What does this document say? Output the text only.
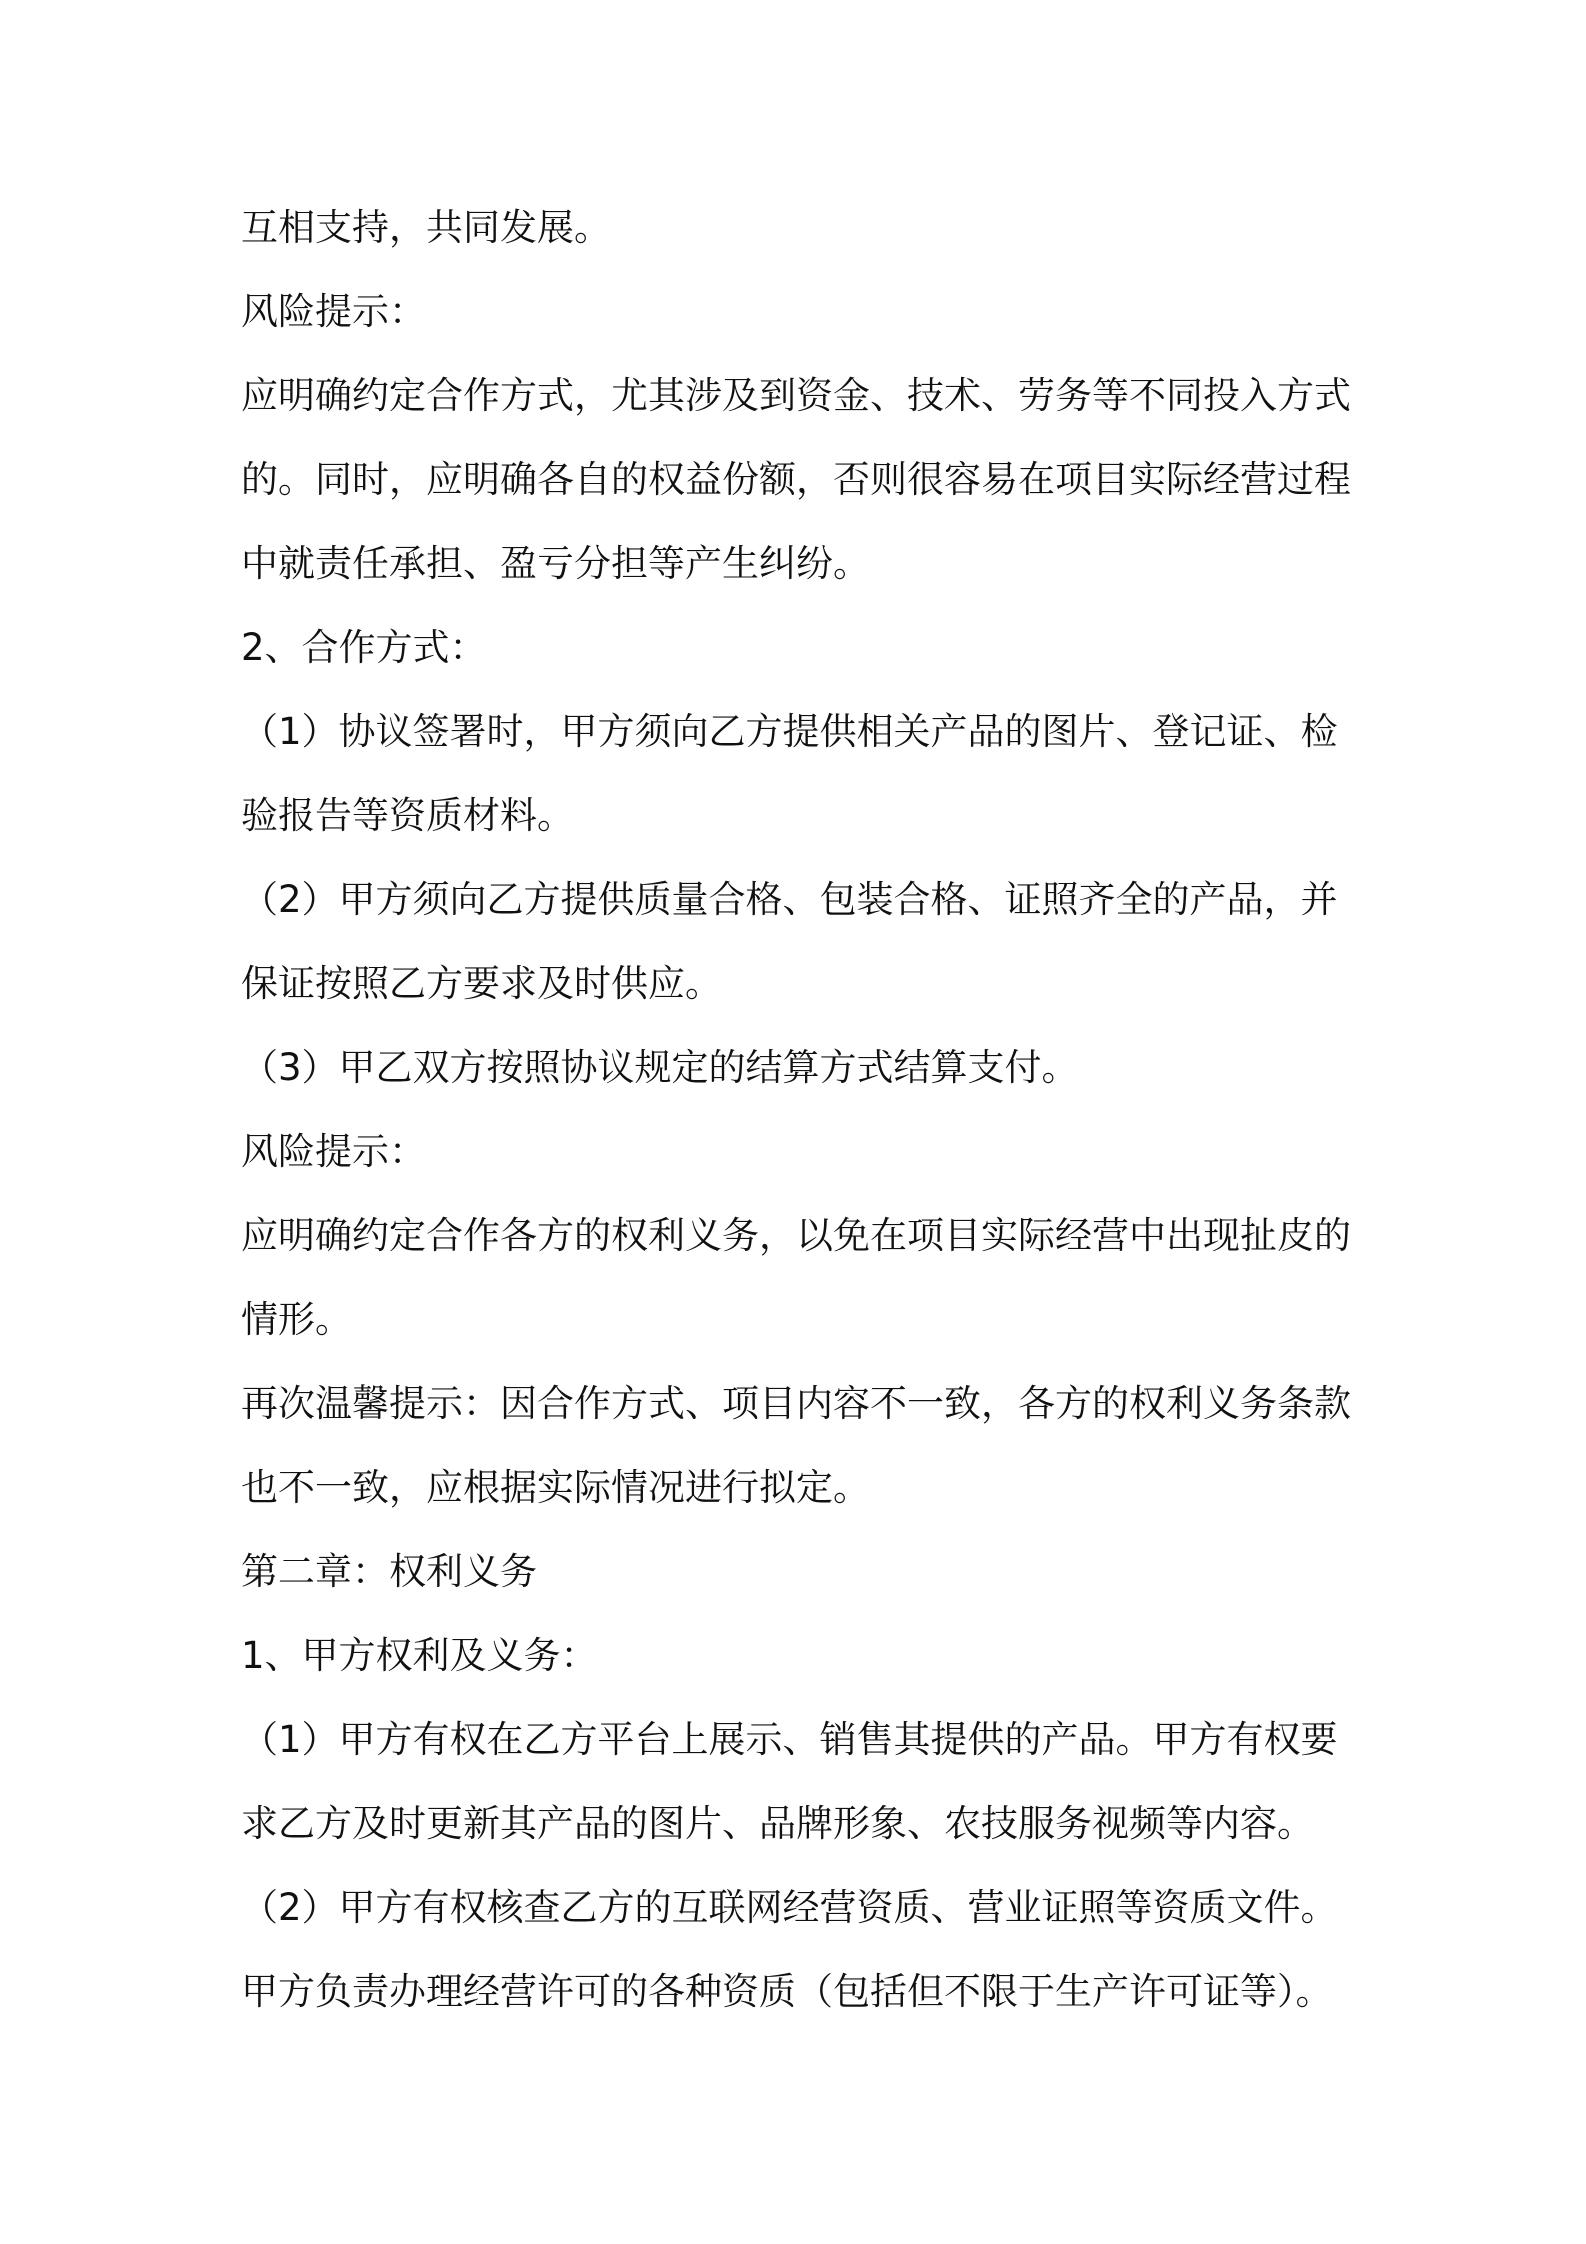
互相支持，共同发展。
风险提示：
应明确约定合作方式，尤其涉及到资金、技术、劳务等不同投入方式
的。同时，应明确各自的权益份额，否则很容易在项目实际经营过程
中就责任承担、盈亏分担等产生纠纷。
2、合作方式：
（1）协议签署时，甲方须向乙方提供相关产品的图片、登记证、检
验报告等资质材料。
（2）甲方须向乙方提供质量合格、包装合格、证照齐全的产品，并
保证按照乙方要求及时供应。
（3）甲乙双方按照协议规定的结算方式结算支付。
风险提示：
应明确约定合作各方的权利义务，以免在项目实际经营中出现扯皮的
情形。
再次温馨提示：因合作方式、项目内容不一致，各方的权利义务条款
也不一致，应根据实际情况进行拟定。
第二章：权利义务
1、甲方权利及义务：
（1）甲方有权在乙方平台上展示、销售其提供的产品。甲方有权要
求乙方及时更新其产品的图片、品牌形象、农技服务视频等内容。
（2）甲方有权核查乙方的互联网经营资质、营业证照等资质文件。
甲方负责办理经营许可的各种资质（包括但不限于生产许可证等）。
